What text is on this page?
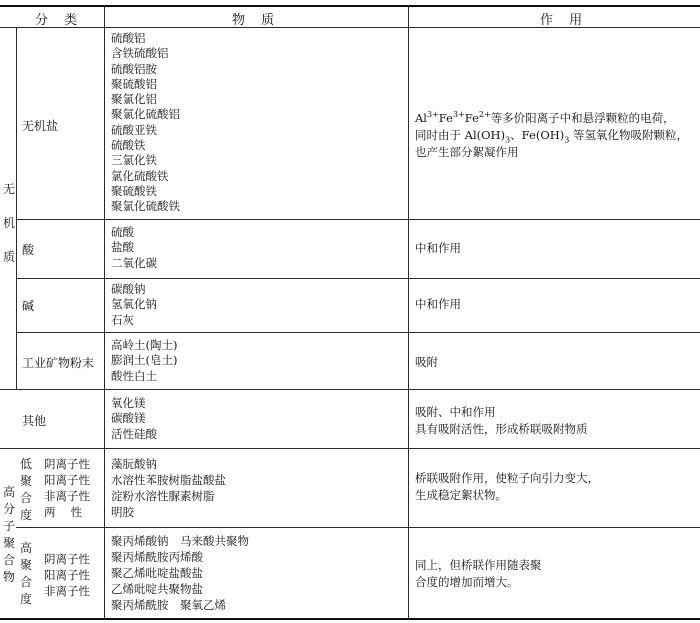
分 类	物 质	作 用
无机质
无机盐
硫酸铝
含铁硫酸铝
硫酸铝胺
聚硫酸铝
聚氯化铝
聚氯化硫酸铝
硫酸亚铁
硫酸铁
三氯化铁
氯化硫酸铁
聚硫酸铁
聚氯化硫酸铁
$Al^{3+}Fe^{3+}Fe^{2+}$等多价阳离子中和悬浮颗粒的电荷，
同时由于 $Al(OH)_3$、$Fe(OH)_3$ 等氢氧化物吸附颗粒，
也产生部分絮凝作用
酸
硫酸
盐酸
二氧化碳
中和作用
碱
碳酸钠
氢氧化钠
石灰
中和作用
工业矿物粉末
高岭土(陶土)
膨润土(皂土)
酸性白土
吸附
其他
氧化镁
碳酸镁
活性硅酸
吸附、中和作用
具有吸附活性，形成桥联吸附物质
高分子聚合物
低聚合度
阴离子性
阳离子性
非离子性
两　 性
藻朊酸钠
水溶性苯胺树脂盐酸盐
淀粉水溶性脲素树脂
明胶
桥联吸附作用，使粒子向引力变大，
生成稳定絮状物。
高聚合度
阴离子性
阳离子性
非离子性
聚丙烯酸钠　马来酸共聚物
聚丙烯酰胺丙烯酸
聚乙烯吡啶盐酸盐
乙烯吡啶共聚物盐
聚丙烯酰胺　聚氧乙烯
同上，但桥联作用随表聚
合度的增加而增大。
